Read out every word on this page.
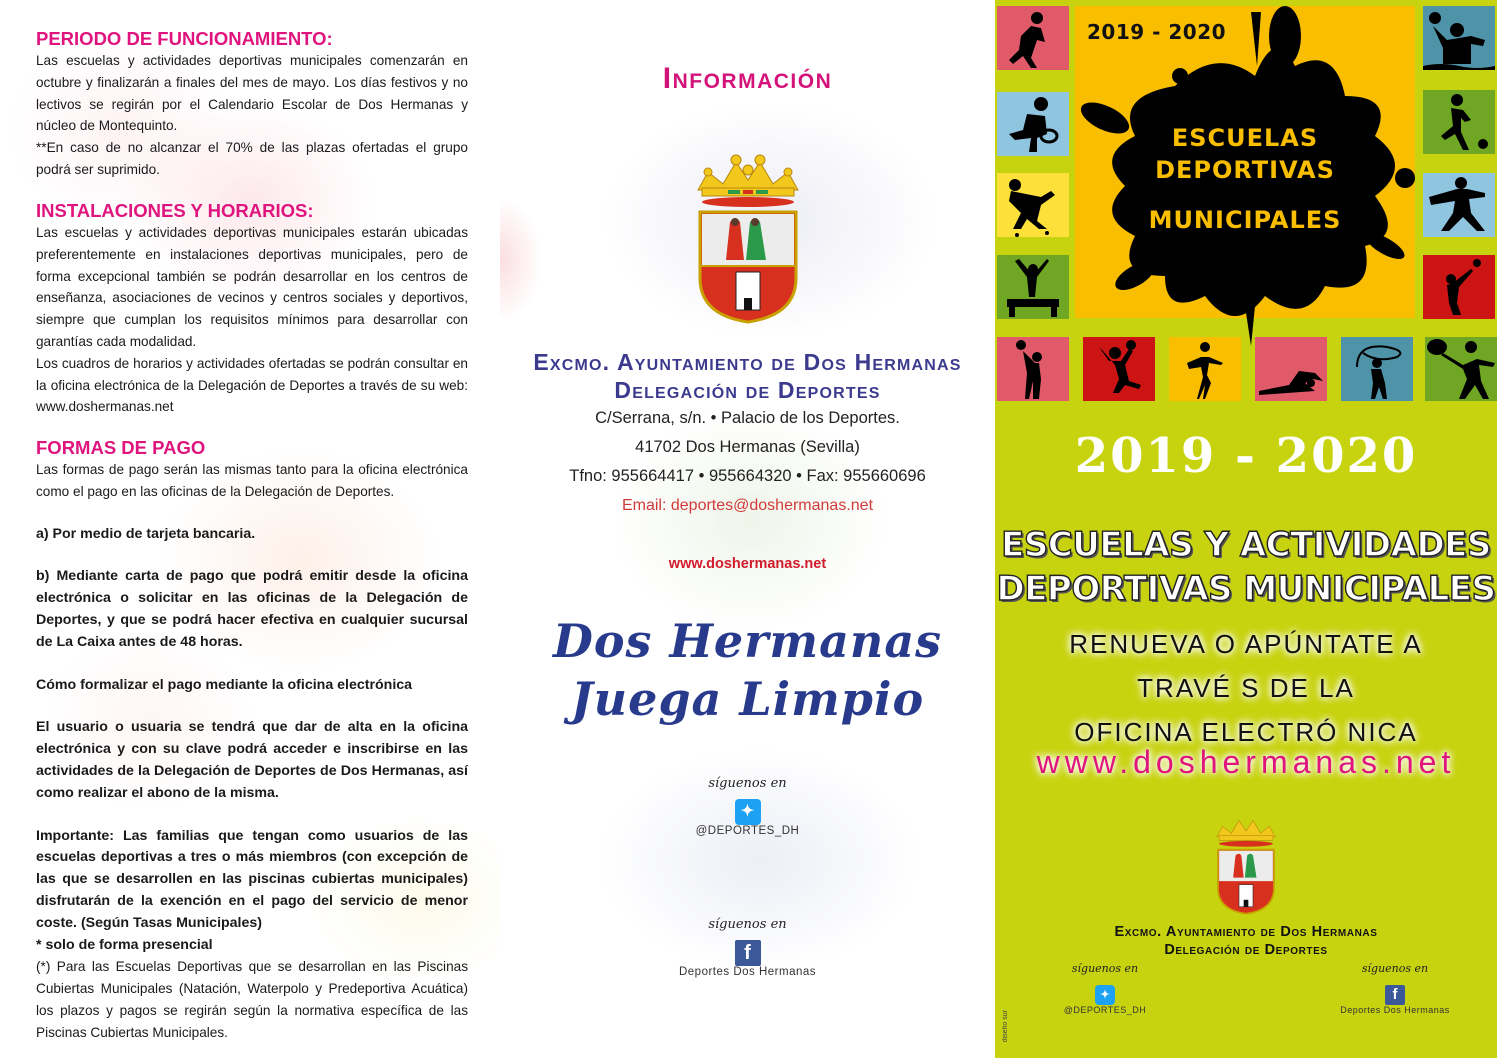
PERIODO DE FUNCIONAMIENTO:

Las escuelas y actividades deportivas municipales comenzarán en octubre y finalizarán a finales del mes de mayo. Los días festivos y no lectivos se regirán por el Calendario Escolar de Dos Hermanas y núcleo de Montequinto.

**En caso de no alcanzar el 70% de las plazas ofertadas el grupo podrá ser suprimido.

INSTALACIONES Y HORARIOS:

Las escuelas y actividades deportivas municipales estarán ubicadas preferentemente en instalaciones deportivas municipales, pero de forma excepcional también se podrán desarrollar en los centros de enseñanza, asociaciones de vecinos y centros sociales y deportivos, siempre que cumplan los requisitos mínimos para desarrollar con garantías cada modalidad.

Los cuadros de horarios y actividades ofertadas se podrán consultar en la oficina electrónica de la Delegación de Deportes a través de su web: www.doshermanas.net

FORMAS DE PAGO

Las formas de pago serán las mismas tanto para la oficina electrónica como el pago en las oficinas de la Delegación de Deportes.

a) Por medio de tarjeta bancaria.

b) Mediante carta de pago que podrá emitir desde la oficina electrónica o solicitar en las oficinas de la Delegación de Deportes, y que se podrá hacer efectiva en cualquier sucursal de La Caixa antes de 48 horas.

Cómo formalizar el pago mediante la oficina electrónica

El usuario o usuaria se tendrá que dar de alta en la oficina electrónica y con su clave podrá acceder e inscribirse en las actividades de la Delegación de Deportes de Dos Hermanas, así como realizar el abono de la misma.

Importante: Las familias que tengan como usuarios de las escuelas deportivas a tres o más miembros (con excepción de las que se desarrollen en las piscinas cubiertas municipales) disfrutarán de la exención en el pago del servicio de menor coste. (Según Tasas Municipales)

* solo de forma presencial

(*) Para las Escuelas Deportivas que se desarrollan en las Piscinas Cubiertas Municipales (Natación, Waterpolo y Predeportiva Acuática) los plazos y pagos se regirán según la normativa específica de las Piscinas Cubiertas Municipales.

Información
Excmo. Ayuntamiento de Dos Hermanas
Delegación de Deportes
C/Serrana, s/n. • Palacio de los Deportes.
41702 Dos Hermanas (Sevilla)
Tfno: 955664417 • 955664320 • Fax: 955660696
Email: deportes@doshermanas.net
www.doshermanas.net
Dos Hermanas
Juega Limpio
síguenos en
✦
@DEPORTES_DH
síguenos en
f
Deportes Dos Hermanas
2019 - 2020
ESCUELAS
DEPORTIVAS
MUNICIPALES
2019 - 2020
ESCUELAS Y ACTIVIDADES
DEPORTIVAS MUNICIPALES
RENUEVA O APÚNTATE A
TRAVÉ S DE LA
OFICINA ELECTRÓ NICA
www.doshermanas.net
Excmo. Ayuntamiento de Dos Hermanas
Delegación de Deportes
síguenos en
✦
@DEPORTES_DH
síguenos en
f
Deportes Dos Hermanas
diseño sur
